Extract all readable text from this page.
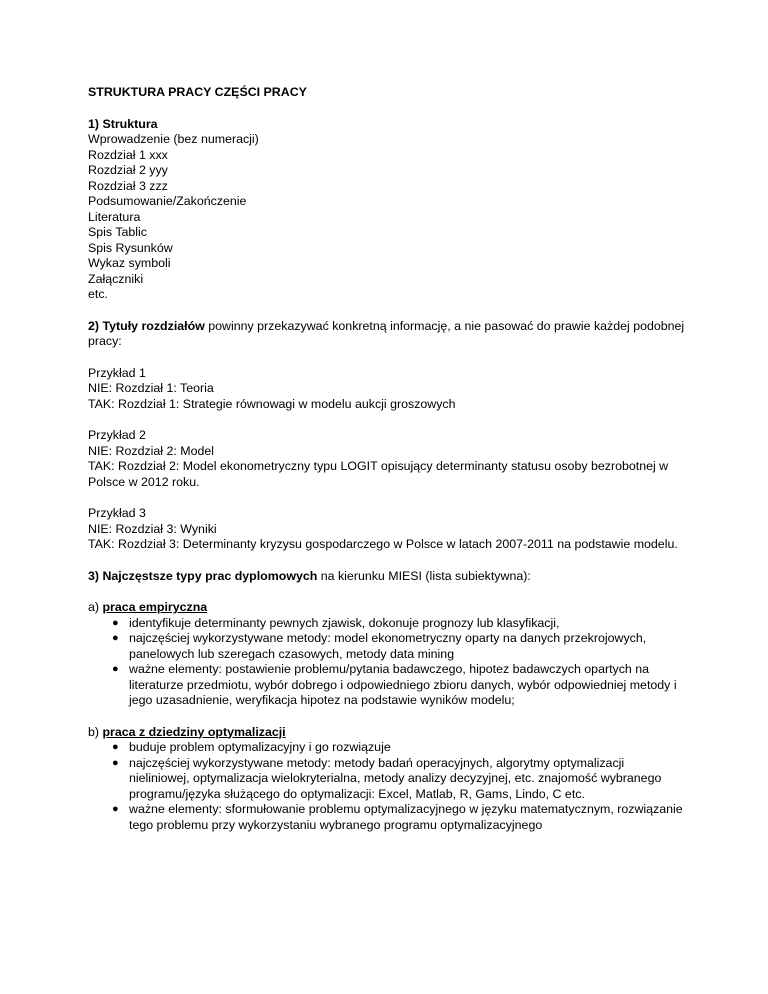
STRUKTURA PRACY CZĘŚCI PRACY

1) Struktura

Wprowadzenie (bez numeracji)

Rozdział 1 xxx

Rozdział 2 yyy

Rozdział 3 zzz

Podsumowanie/Zakończenie

Literatura

Spis Tablic

Spis Rysunków

Wykaz symboli

Załączniki

etc.

2) Tytuły rozdziałów powinny przekazywać konkretną informację, a nie pasować do prawie każdej podobnej pracy:

Przykład 1

NIE: Rozdział 1: Teoria

TAK: Rozdział 1: Strategie równowagi w modelu aukcji groszowych

Przykład 2

NIE: Rozdział 2: Model

TAK: Rozdział 2: Model ekonometryczny typu LOGIT opisujący determinanty statusu osoby bezrobotnej w Polsce w 2012 roku.

Przykład 3

NIE: Rozdział 3: Wyniki

TAK: Rozdział 3: Determinanty kryzysu gospodarczego w Polsce w latach 2007-2011 na podstawie modelu.

3) Najczęstsze typy prac dyplomowych na kierunku MIESI (lista subiektywna):

a) praca empiryczna

● identyfikuje determinanty pewnych zjawisk, dokonuje prognozy lub klasyfikacji,
● najczęściej wykorzystywane metody: model ekonometryczny oparty na danych przekrojowych, panelowych lub szeregach czasowych, metody data mining
● ważne elementy: postawienie problemu/pytania badawczego, hipotez badawczych opartych na literaturze przedmiotu, wybór dobrego i odpowiedniego zbioru danych, wybór odpowiedniej metody i jego uzasadnienie, weryfikacja hipotez na podstawie wyników modelu;

b) praca z dziedziny optymalizacji

● buduje problem optymalizacyjny i go rozwiązuje
● najczęściej wykorzystywane metody: metody badań operacyjnych, algorytmy optymalizacji nieliniowej, optymalizacja wielokryterialna, metody analizy decyzyjnej, etc. znajomość wybranego programu/języka służącego do optymalizacji: Excel, Matlab, R, Gams, Lindo, C etc.
● ważne elementy: sformułowanie problemu optymalizacyjnego w języku matematycznym, rozwiązanie tego problemu przy wykorzystaniu wybranego programu optymalizacyjnego
